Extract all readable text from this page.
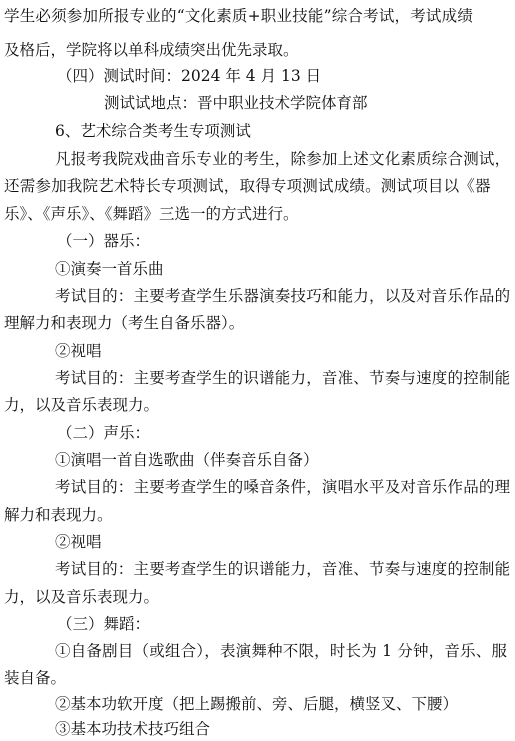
学生必须参加所报专业的“文化素质+职业技能”综合考试，考试成绩
及格后，学院将以单科成绩突出优先录取。
（四）测试时间：2024 年 4 月 13 日
测试试地点：晋中职业技术学院体育部
6、艺术综合类考生专项测试
凡报考我院戏曲音乐专业的考生，除参加上述文化素质综合测试，
还需参加我院艺术特长专项测试，取得专项测试成绩。测试项目以《器
乐》、《声乐》、《舞蹈》三选一的方式进行。
（一）器乐：
①演奏一首乐曲
考试目的：主要考查学生乐器演奏技巧和能力，以及对音乐作品的
理解力和表现力（考生自备乐器）。
②视唱
考试目的：主要考查学生的识谱能力，音准、节奏与速度的控制能
力，以及音乐表现力。
（二）声乐：
①演唱一首自选歌曲（伴奏音乐自备）
考试目的：主要考查学生的嗓音条件，演唱水平及对音乐作品的理
解力和表现力。
②视唱
考试目的：主要考查学生的识谱能力，音准、节奏与速度的控制能
力，以及音乐表现力。
（三）舞蹈：
①自备剧目（或组合），表演舞种不限，时长为 1 分钟，音乐、服
装自备。
②基本功软开度（把上踢搬前、旁、后腿，横竖叉、下腰）
③基本功技术技巧组合
